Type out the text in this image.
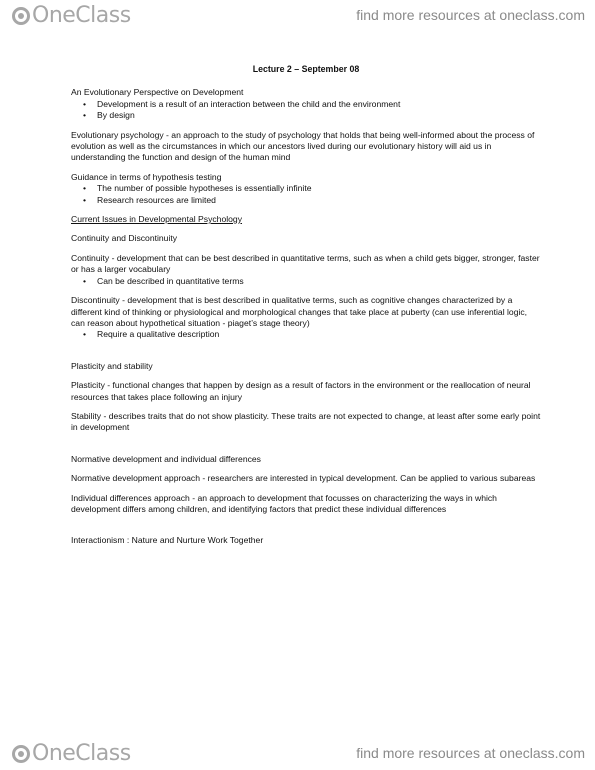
OneClass	find more resources at oneclass.com

Lecture 2 – September 08

An Evolutionary Perspective on Development

• Development is a result of an interaction between the child and the environment
• By design

Evolutionary psychology - an approach to the study of psychology that holds that being well-informed about the process of evolution as well as the circumstances in which our ancestors lived during our evolutionary history will aid us in understanding the function and design of the human mind

Guidance in terms of hypothesis testing

• The number of possible hypotheses is essentially infinite
• Research resources are limited

Current Issues in Developmental Psychology

Continuity and Discontinuity

Continuity - development that can be best described in quantitative terms, such as when a child gets bigger, stronger, faster or has a larger vocabulary

• Can be described in quantitative terms

Discontinuity - development that is best described in qualitative terms, such as cognitive changes characterized by a different kind of thinking or physiological and morphological changes that take place at puberty (can use inferential logic, can reason about hypothetical situation - piaget’s stage theory)

• Require a qualitative description

Plasticity and stability

Plasticity - functional changes that happen by design as a result of factors in the environment or the reallocation of neural resources that takes place following an injury

Stability - describes traits that do not show plasticity. These traits are not expected to change, at least after some early point in development

Normative development and individual differences

Normative development approach - researchers are interested in typical development. Can be applied to various subareas

Individual differences approach - an approach to development that focusses on characterizing the ways in which development differs among children, and identifying factors that predict these individual differences

Interactionism : Nature and Nurture Work Together

OneClass	find more resources at oneclass.com
